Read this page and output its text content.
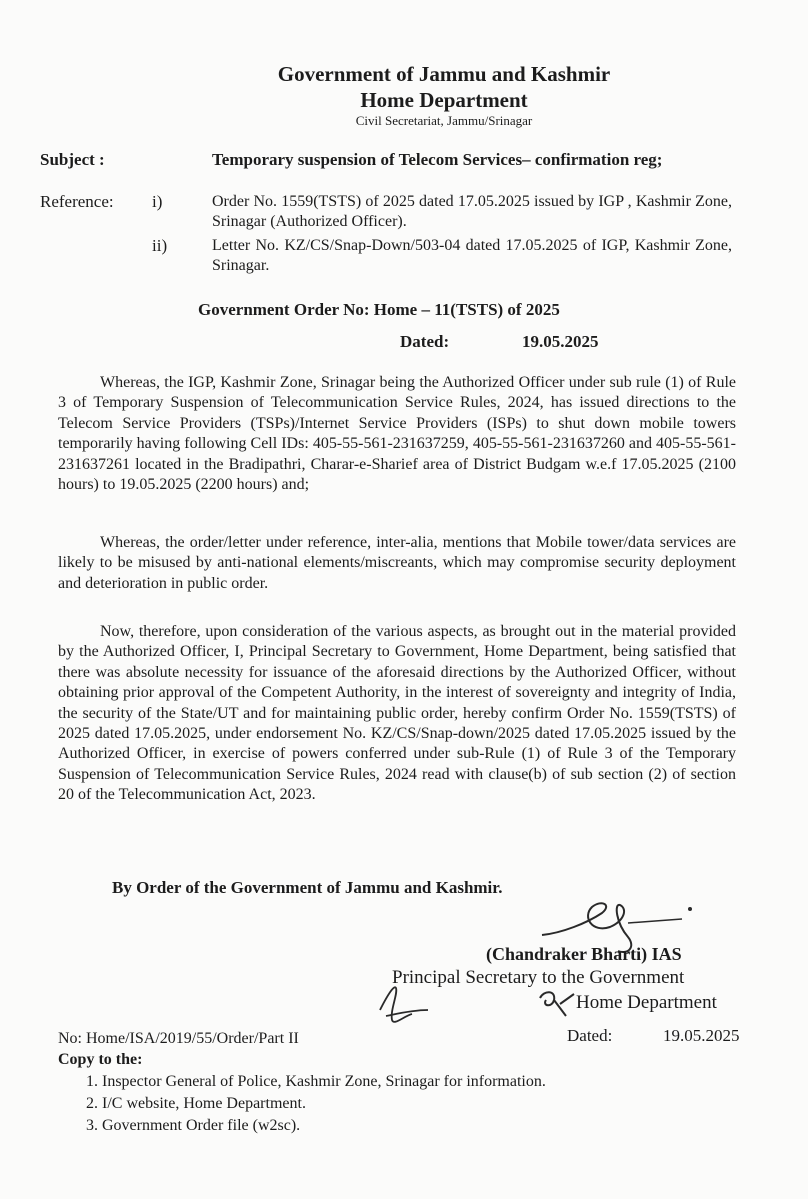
Government of Jammu and Kashmir
Home Department
Civil Secretariat, Jammu/Srinagar
Subject :	Temporary suspension of Telecom Services– confirmation reg;
Reference: i)	Order No. 1559(TSTS) of 2025 dated 17.05.2025 issued by IGP , Kashmir Zone, Srinagar (Authorized Officer).
ii)	Letter No. KZ/CS/Snap-Down/503-04 dated 17.05.2025 of IGP, Kashmir Zone, Srinagar.
Government Order No: Home – 11(TSTS) of 2025
Dated:	19.05.2025
Whereas, the IGP, Kashmir Zone, Srinagar being the Authorized Officer under sub rule (1) of Rule 3 of Temporary Suspension of Telecommunication Service Rules, 2024, has issued directions to the Telecom Service Providers (TSPs)/Internet Service Providers (ISPs) to shut down mobile towers temporarily having following Cell IDs: 405-55-561-231637259, 405-55-561-231637260 and 405-55-561-231637261 located in the Bradipathri, Charar-e-Sharief area of District Budgam w.e.f 17.05.2025 (2100 hours) to 19.05.2025 (2200 hours) and;
Whereas, the order/letter under reference, inter-alia, mentions that Mobile tower/data services are likely to be misused by anti-national elements/miscreants, which may compromise security deployment and deterioration in public order.
Now, therefore, upon consideration of the various aspects, as brought out in the material provided by the Authorized Officer, I, Principal Secretary to Government, Home Department, being satisfied that there was absolute necessity for issuance of the aforesaid directions by the Authorized Officer, without obtaining prior approval of the Competent Authority, in the interest of sovereignty and integrity of India, the security of the State/UT and for maintaining public order, hereby confirm Order No. 1559(TSTS) of 2025 dated 17.05.2025, under endorsement No. KZ/CS/Snap-down/2025 dated 17.05.2025 issued by the Authorized Officer, in exercise of powers conferred under sub-Rule (1) of Rule 3 of the Temporary Suspension of Telecommunication Service Rules, 2024 read with clause(b) of sub section (2) of section 20 of the Telecommunication Act, 2023.
By Order of the Government of Jammu and Kashmir.
(Chandraker Bharti) IAS
Principal Secretary to the Government
Home Department
No: Home/ISA/2019/55/Order/Part II	Dated:	19.05.2025
Copy to the:
1. Inspector General of Police, Kashmir Zone, Srinagar for information.
2. I/C website, Home Department.
3. Government Order file (w2sc).
